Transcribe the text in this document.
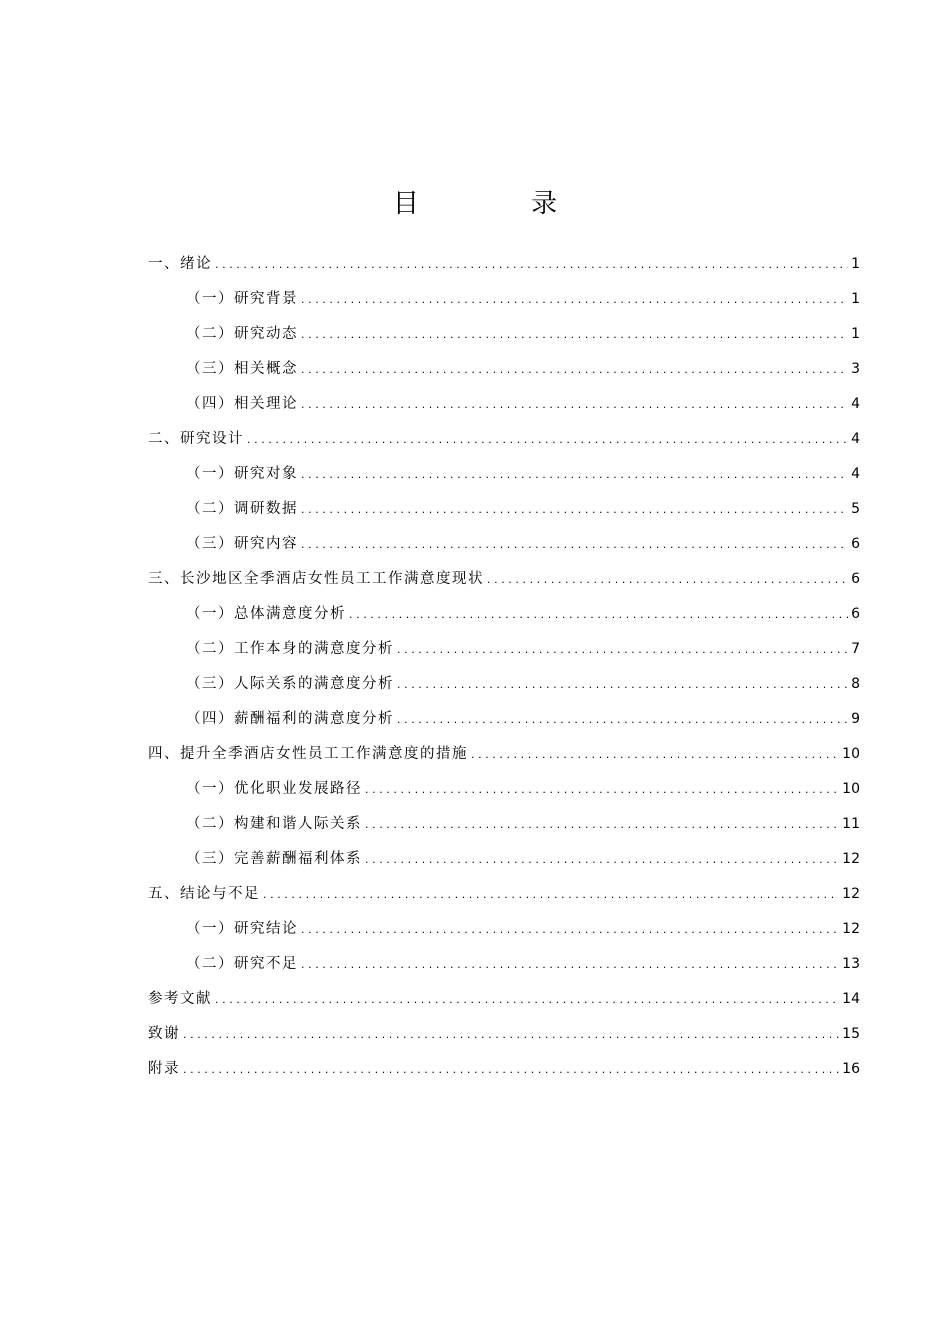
目 录
一、绪论 .....	1
（一）研究背景 .....	1
（二）研究动态 .....	1
（三）相关概念 .....	3
（四）相关理论 .....	4
二、研究设计 .....	4
（一）研究对象 .....	4
（二）调研数据 .....	5
（三）研究内容 .....	6
三、长沙地区全季酒店女性员工工作满意度现状 .....	6
（一）总体满意度分析 .....	6
（二）工作本身的满意度分析 .....	7
（三）人际关系的满意度分析 .....	8
（四）薪酬福利的满意度分析 .....	9
四、提升全季酒店女性员工工作满意度的措施 .....	10
（一）优化职业发展路径 .....	10
（二）构建和谐人际关系 .....	11
（三）完善薪酬福利体系 .....	12
五、结论与不足 .....	12
（一）研究结论 .....	12
（二）研究不足 .....	13
参考文献 .....	14
致谢 .....	15
附录 .....	16
